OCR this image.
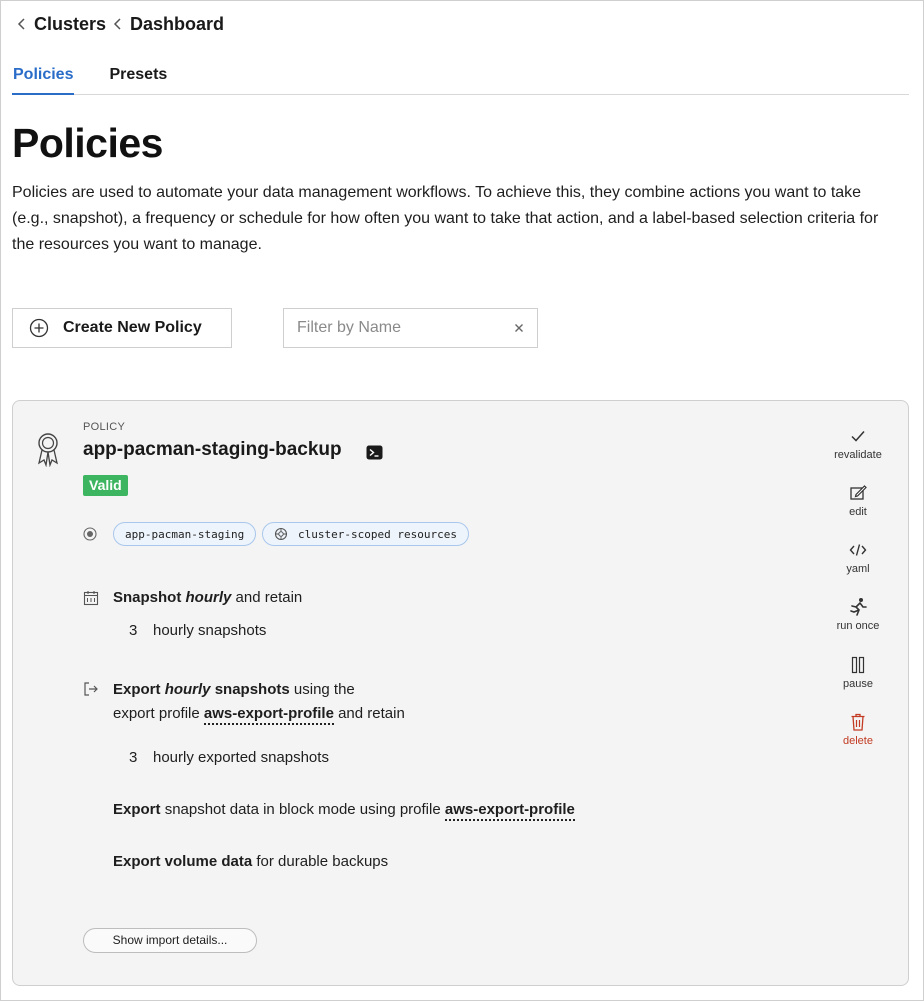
Clusters Dashboard
Policies Presets
Policies

Policies are used to automate your data management workflows. To achieve this, they combine actions you want to take (e.g., snapshot), a frequency or schedule for how often you want to take that action, and a label-based selection criteria for the resources you want to manage.

Create New Policy
Filter by Name
POLICY
app-pacman-staging-backup
Valid
app-pacman-staging	cluster-scoped resources
Snapshot hourly and retain
3 hourly snapshots
Export hourly snapshots using the
export profile aws-export-profile and retain
3 hourly exported snapshots
Export snapshot data in block mode using profile aws-export-profile
Export volume data for durable backups
Show import details...
revalidate
edit
yaml
run once
pause
delete
